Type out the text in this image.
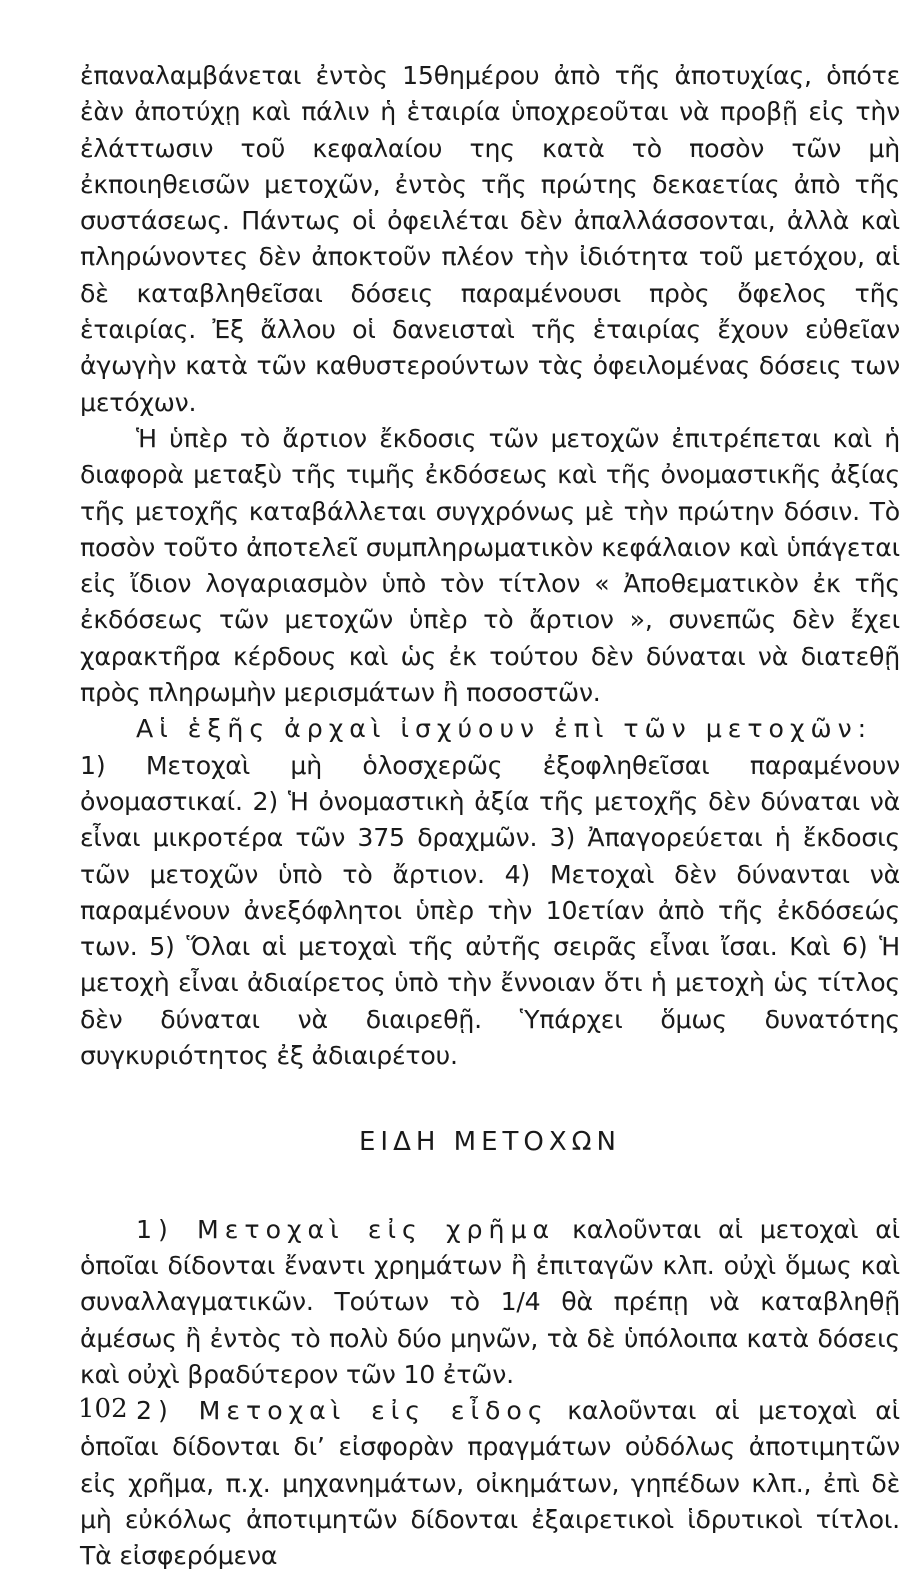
ἐπαναλαμβάνεται ἐντὸς 15θημέρου ἀπὸ τῆς ἀποτυχίας, ὁπότε ἐὰν ἀποτύχῃ καὶ πάλιν ἡ ἑταιρία ὑποχρεοῦται νὰ προβῇ εἰς τὴν ἐλάττωσιν τοῦ κεφαλαίου της κατὰ τὸ ποσὸν τῶν μὴ ἐκποιηθεισῶν μετοχῶν, ἐντὸς τῆς πρώτης δεκαετίας ἀπὸ τῆς συστάσεως. Πάντως οἱ ὀφειλέται δὲν ἀπαλλάσσονται, ἀλλὰ καὶ πληρώνοντες δὲν ἀποκτοῦν πλέον τὴν ἰδιότητα τοῦ μετόχου, αἱ δὲ καταβληθεῖσαι δόσεις παραμένουσι πρὸς ὄφελος τῆς ἑταιρίας. Ἐξ ἄλλου οἱ δανεισταὶ τῆς ἑταιρίας ἔχουν εὐθεῖαν ἀγωγὴν κατὰ τῶν καθυστερούντων τὰς ὀφειλομένας δόσεις των μετόχων.

Ἡ ὑπὲρ τὸ ἄρτιον ἔκδοσις τῶν μετοχῶν ἐπιτρέπεται καὶ ἡ διαφορὰ μεταξὺ τῆς τιμῆς ἐκδόσεως καὶ τῆς ὀνομαστικῆς ἀξίας τῆς μετοχῆς καταβάλλεται συγχρόνως μὲ τὴν πρώτην δόσιν. Τὸ ποσὸν τοῦτο ἀποτελεῖ συμπληρωματικὸν κεφάλαιον καὶ ὑπάγεται εἰς ἴδιον λογαριασμὸν ὑπὸ τὸν τίτλον « Ἀποθεματικὸν ἐκ τῆς ἐκδόσεως τῶν μετοχῶν ὑπὲρ τὸ ἄρτιον », συνεπῶς δὲν ἔχει χαρακτῆρα κέρδους καὶ ὡς ἐκ τούτου δὲν δύναται νὰ διατεθῇ πρὸς πληρωμὴν μερισμάτων ἢ ποσοστῶν.

Αἱ ἑξῆς ἀρχαὶ ἰσχύουν ἐπὶ τῶν μετοχῶν:
1) Μετοχαὶ μὴ ὁλοσχερῶς ἐξοφληθεῖσαι παραμένουν ὀνομαστικαί. 2) Ἡ ὀνομαστικὴ ἀξία τῆς μετοχῆς δὲν δύναται νὰ εἶναι μικροτέρα τῶν 375 δραχμῶν. 3) Ἀπαγορεύεται ἡ ἔκδοσις τῶν μετοχῶν ὑπὸ τὸ ἄρτιον. 4) Μετοχαὶ δὲν δύνανται νὰ παραμένουν ἀνεξόφλητοι ὑπὲρ τὴν 10ετίαν ἀπὸ τῆς ἐκδόσεώς των. 5) Ὅλαι αἱ μετοχαὶ τῆς αὐτῆς σειρᾶς εἶναι ἴσαι. Καὶ 6) Ἡ μετοχὴ εἶναι ἀδιαίρετος ὑπὸ τὴν ἔννοιαν ὅτι ἡ μετοχὴ ὡς τίτλος δὲν δύναται νὰ διαιρεθῇ. Ὑπάρχει ὅμως δυνατότης συγκυριότητος ἐξ ἀδιαιρέτου.

ΕΙΔΗ ΜΕΤΟΧΩΝ

1) Μετοχαὶ εἰς χρῆμα καλοῦνται αἱ μετοχαὶ αἱ ὁποῖαι δίδονται ἔναντι χρημάτων ἢ ἐπιταγῶν κλπ. οὐχὶ ὅμως καὶ συναλλαγματικῶν. Τούτων τὸ 1/4 θὰ πρέπῃ νὰ καταβληθῇ ἀμέσως ἢ ἐντὸς τὸ πολὺ δύο μηνῶν, τὰ δὲ ὑπόλοιπα κατὰ δόσεις καὶ οὐχὶ βραδύτερον τῶν 10 ἐτῶν.

2) Μετοχαὶ εἰς εἶδος καλοῦνται αἱ μετοχαὶ αἱ ὁποῖαι δίδονται δι’ εἰσφορὰν πραγμάτων οὐδόλως ἀποτιμητῶν εἰς χρῆμα, π.χ. μηχανημάτων, οἰκημάτων, γηπέδων κλπ., ἐπὶ δὲ μὴ εὐκόλως ἀποτιμητῶν δίδονται ἐξαιρετικοὶ ἱδρυτικοὶ τίτλοι. Τὰ εἰσφερόμενα

102
